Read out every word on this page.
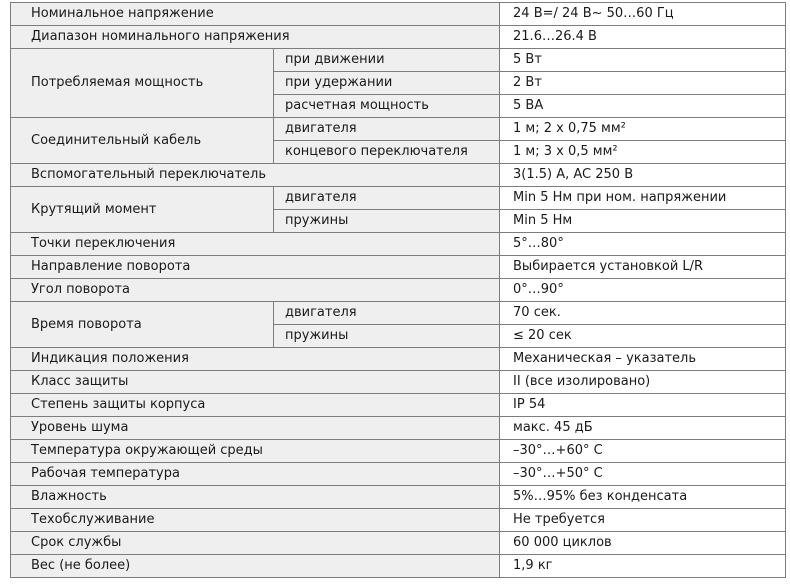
Номинальное напряжение		24 В=/ 24 В~ 50…60 Гц
Диапазон номинального напряжения		21.6…26.4 В
Потребляемая мощность	при движении	5 Вт
	при удержании	2 Вт
	расчетная мощность	5 ВА
Соединительный кабель	двигателя	1 м; 2 x 0,75 мм²
	концевого переключателя	1 м; 3 x 0,5 мм²
Вспомогательный переключатель		3(1.5) А, AC 250 В
Крутящий момент	двигателя	Min 5 Нм при ном. напряжении
	пружины	Min 5 Нм
Точки переключения		5°…80°
Направление поворота		Выбирается установкой L/R
Угол поворота		0°…90°
Время поворота	двигателя	70 сек.
	пружины	≤ 20 сек
Индикация положения		Механическая – указатель
Класс защиты		II (все изолировано)
Степень защиты корпуса		IP 54
Уровень шума		макс. 45 дБ
Температура окружающей среды		–30°…+60° С
Рабочая температура		–30°…+50° С
Влажность		5%…95% без конденсата
Техобслуживание		Не требуется
Срок службы		60 000 циклов
Вес (не более)		1,9 кг
